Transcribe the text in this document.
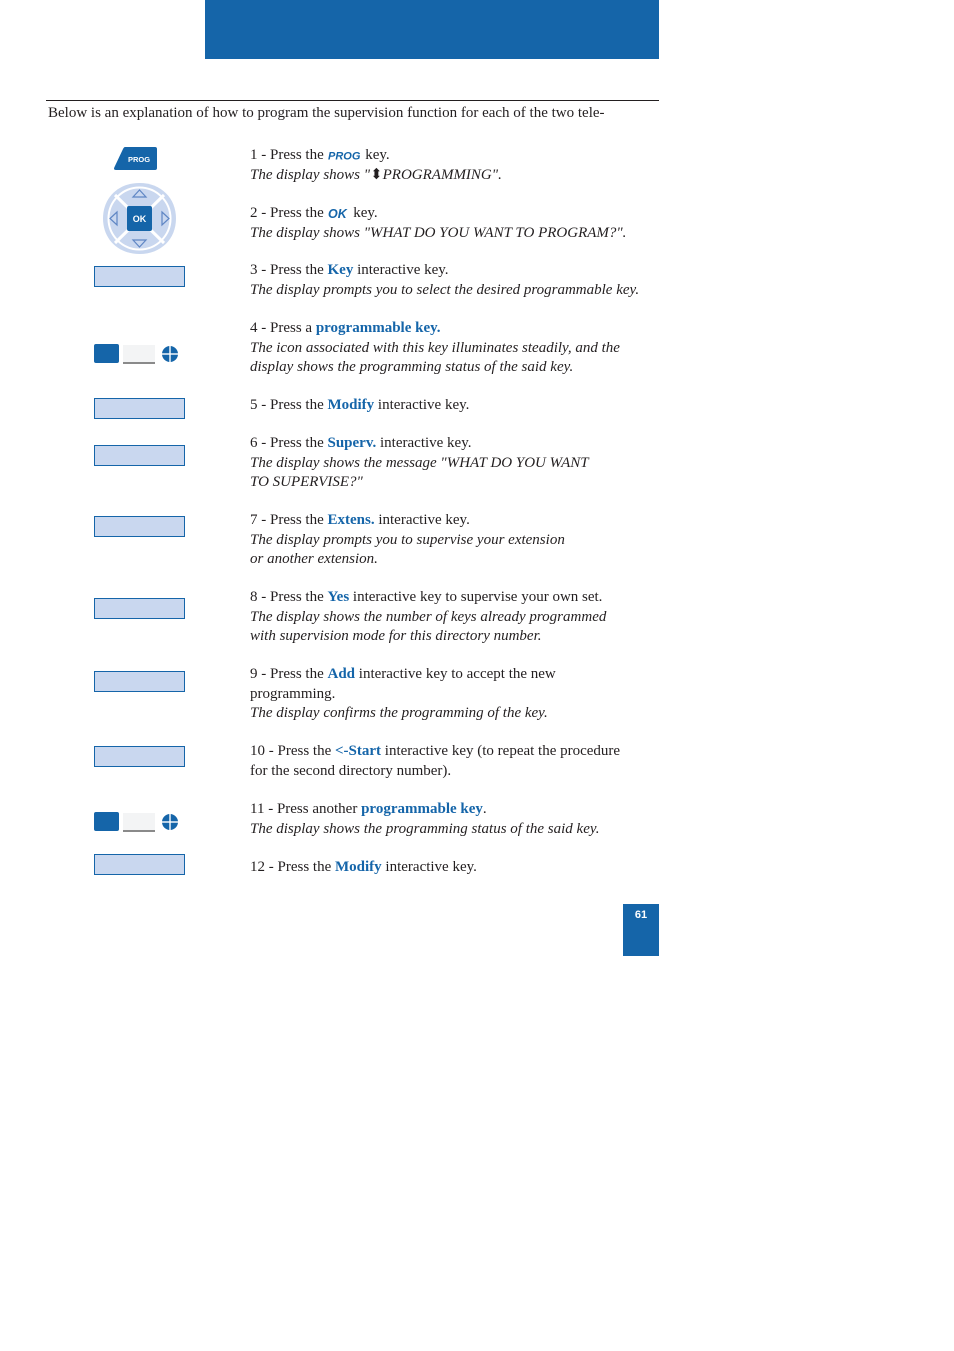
Below is an explanation of how to program the supervision function for each of the two tele-
PROG
OK
1 - Press the PROG key.
The display shows "⬍PROGRAMMING".
2 - Press the OK key.
The display shows "WHAT DO YOU WANT TO PROGRAM?".
3 - Press the Key interactive key.
The display prompts you to select the desired programmable key.
4 - Press a programmable key.
The icon associated with this key illuminates steadily, and the
display shows the programming status of the said key.
5 - Press the Modify interactive key.
6 - Press the Superv. interactive key.
The display shows the message "WHAT DO YOU WANT
TO SUPERVISE?"
7 - Press the Extens. interactive key.
The display prompts you to supervise your extension
or another extension.
8 - Press the Yes interactive key to supervise your own set.
The display shows the number of keys already programmed
with supervision mode for this directory number.
9 - Press the Add interactive key to accept the new
programming.
The display confirms the programming of the key.
10 - Press the <-Start interactive key (to repeat the procedure
for the second directory number).
11 - Press another programmable key.
The display shows the programming status of the said key.
12 - Press the Modify interactive key.
61
